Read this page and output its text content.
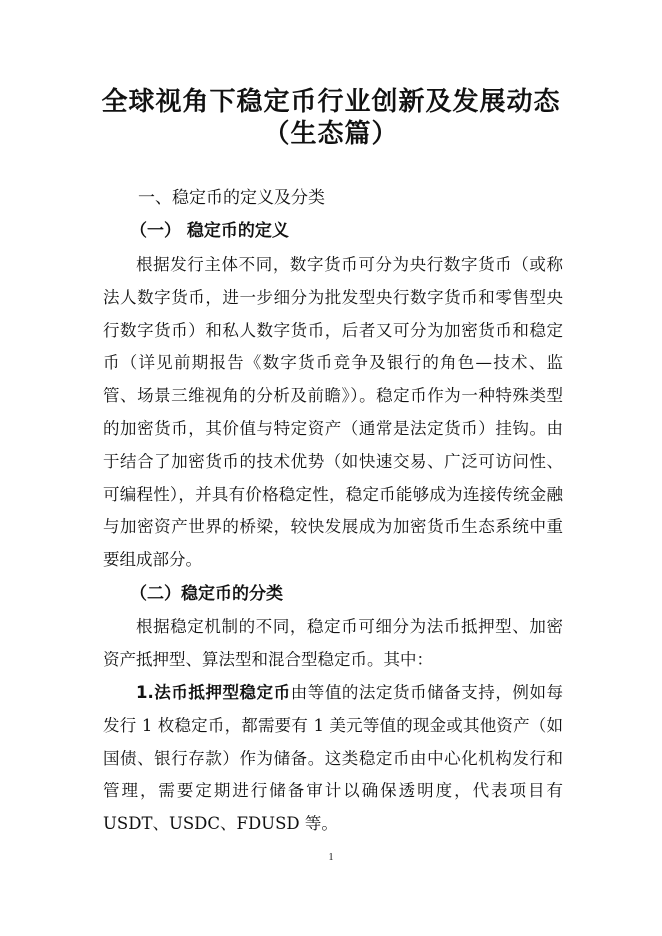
全球视角下稳定币行业创新及发展动态
（生态篇）
一、稳定币的定义及分类
（一） 稳定币的定义

根据发行主体不同，数字货币可分为央行数字货币（或称法人数字货币，进一步细分为批发型央行数字货币和零售型央行数字货币）和私人数字货币，后者又可分为加密货币和稳定币（详见前期报告《数字货币竞争及银行的角色—技术、监管、场景三维视角的分析及前瞻》）。稳定币作为一种特殊类型的加密货币，其价值与特定资产（通常是法定货币）挂钩。由于结合了加密货币的技术优势（如快速交易、广泛可访问性、可编程性），并具有价格稳定性，稳定币能够成为连接传统金融与加密资产世界的桥梁，较快发展成为加密货币生态系统中重要组成部分。

（二）稳定币的分类

根据稳定机制的不同，稳定币可细分为法币抵押型、加密资产抵押型、算法型和混合型稳定币。其中：

1.法币抵押型稳定币由等值的法定货币储备支持，例如每发行 1 枚稳定币，都需要有 1 美元等值的现金或其他资产（如国债、银行存款）作为储备。这类稳定币由中心化机构发行和管理，需要定期进行储备审计以确保透明度，代表项目有 USDT、USDC、FDUSD 等。

1
